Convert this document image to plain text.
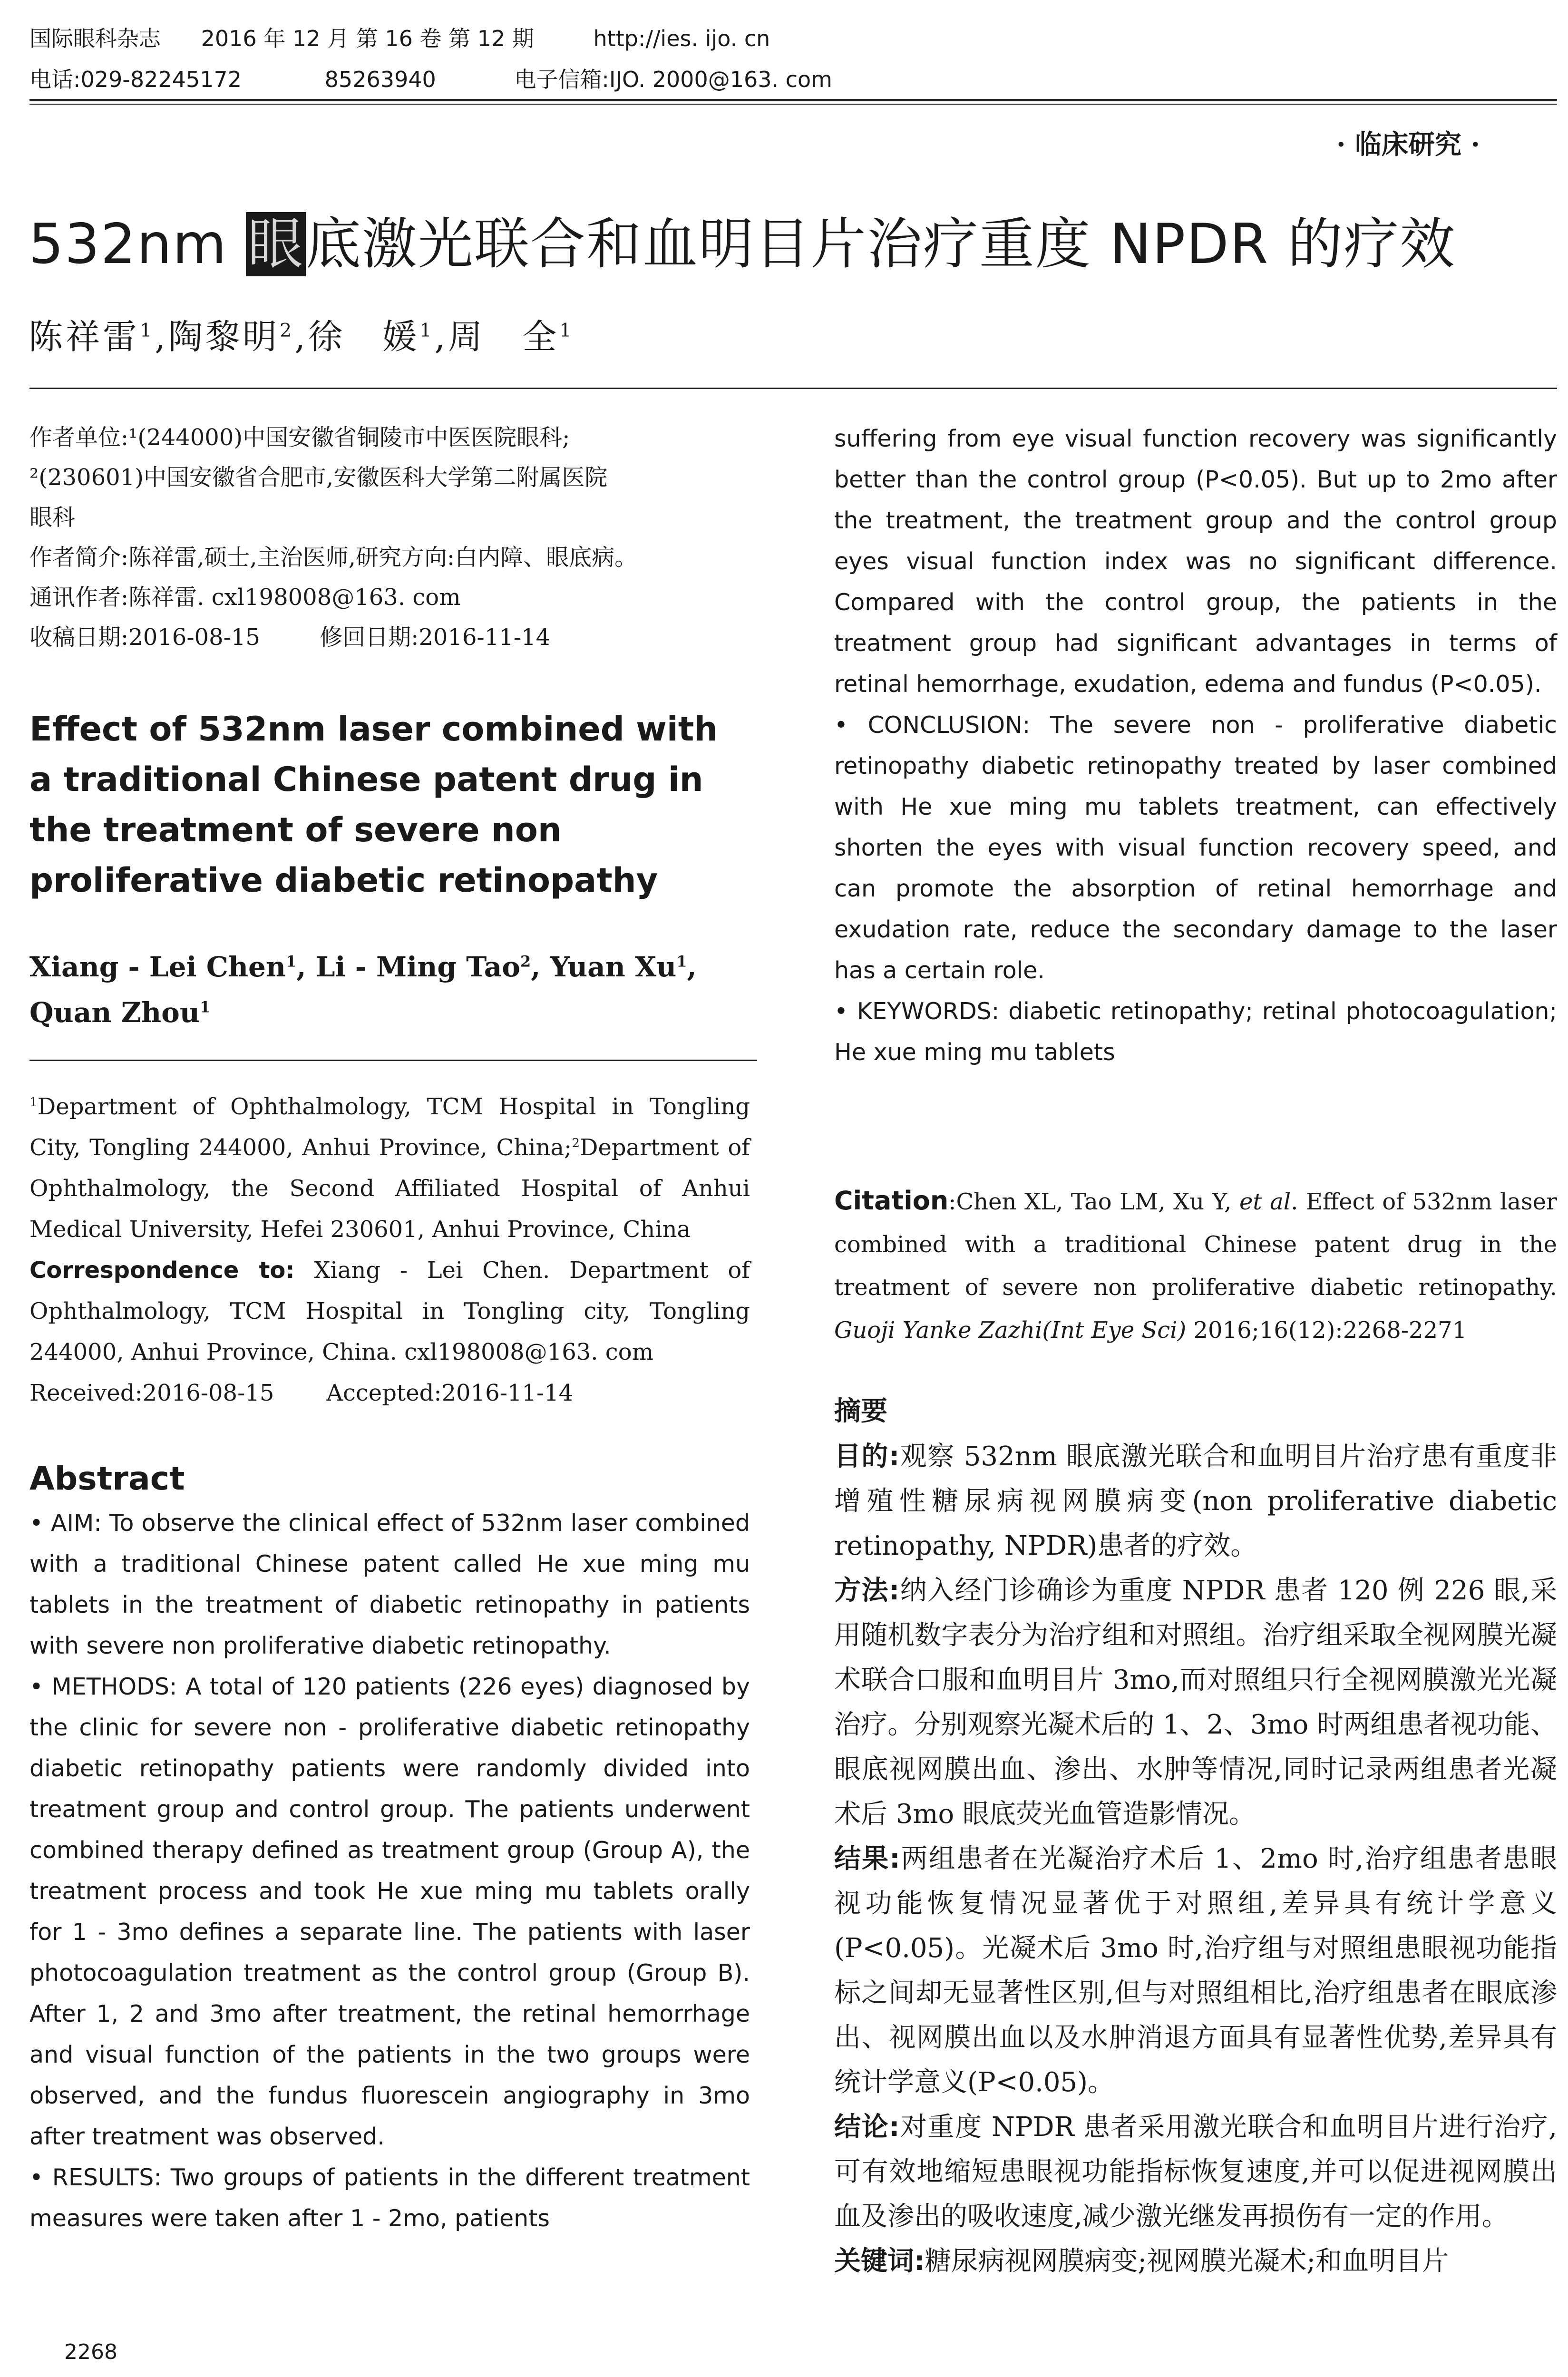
国际眼科杂志 2016 年 12 月 第 16 卷 第 12 期	http://ies. ijo. cn
电话:029-82245172	85263940	电子信箱:IJO. 2000@163. com
· 临床研究 ·
532nm 眼底激光联合和血明目片治疗重度 NPDR 的疗效
陈祥雷$^1$,陶黎明$^2$,徐　媛$^1$,周　全$^1$

作者单位:¹(244000)中国安徽省铜陵市中医医院眼科;

²(230601)中国安徽省合肥市,安徽医科大学第二附属医院

眼科

作者简介:陈祥雷,硕士,主治医师,研究方向:白内障、眼底病。

通讯作者:陈祥雷. cxl198008@163. com

收稿日期:2016-08-15	修回日期:2016-11-14

Effect of 532nm laser combined with a traditional Chinese patent drug in the treatment of severe non proliferative diabetic retinopathy
Xiang - Lei Chen$^1$, Li - Ming Tao$^2$, Yuan Xu$^1$, Quan Zhou$^1$

$^1$Department of Ophthalmology, TCM Hospital in Tongling City, Tongling 244000, Anhui Province, China;$^2$Department of Ophthalmology, the Second Affiliated Hospital of Anhui Medical University, Hefei 230601, Anhui Province, China

Correspondence to: Xiang - Lei Chen. Department of Ophthalmology, TCM Hospital in Tongling city, Tongling 244000, Anhui Province, China. cxl198008@163. com

Received:2016-08-15 Accepted:2016-11-14

Abstract

• AIM: To observe the clinical effect of 532nm laser combined with a traditional Chinese patent called He xue ming mu tablets in the treatment of diabetic retinopathy in patients with severe non proliferative diabetic retinopathy.

• METHODS: A total of 120 patients (226 eyes) diagnosed by the clinic for severe non - proliferative diabetic retinopathy diabetic retinopathy patients were randomly divided into treatment group and control group. The patients underwent combined therapy defined as treatment group (Group A), the treatment process and took He xue ming mu tablets orally for 1 - 3mo defines a separate line. The patients with laser photocoagulation treatment as the control group (Group B). After 1, 2 and 3mo after treatment, the retinal hemorrhage and visual function of the patients in the two groups were observed, and the fundus fluorescein angiography in 3mo after treatment was observed.

• RESULTS: Two groups of patients in the different treatment measures were taken after 1 - 2mo, patients

suffering from eye visual function recovery was significantly better than the control group (P<0.05). But up to 2mo after the treatment, the treatment group and the control group eyes visual function index was no significant difference. Compared with the control group, the patients in the treatment group had significant advantages in terms of retinal hemorrhage, exudation, edema and fundus (P<0.05).

• CONCLUSION: The severe non - proliferative diabetic retinopathy diabetic retinopathy treated by laser combined with He xue ming mu tablets treatment, can effectively shorten the eyes with visual function recovery speed, and can promote the absorption of retinal hemorrhage and exudation rate, reduce the secondary damage to the laser has a certain role.

• KEYWORDS: diabetic retinopathy; retinal photocoagulation; He xue ming mu tablets

Citation:Chen XL, Tao LM, Xu Y, et al. Effect of 532nm laser combined with a traditional Chinese patent drug in the treatment of severe non proliferative diabetic retinopathy. Guoji Yanke Zazhi(Int Eye Sci) 2016;16(12):2268-2271
摘要

目的:观察 532nm 眼底激光联合和血明目片治疗患有重度非增殖性糖尿病视网膜病变(non proliferative diabetic retinopathy, NPDR)患者的疗效。

方法:纳入经门诊确诊为重度 NPDR 患者 120 例 226 眼,采用随机数字表分为治疗组和对照组。治疗组采取全视网膜光凝术联合口服和血明目片 3mo,而对照组只行全视网膜激光光凝治疗。分别观察光凝术后的 1、2、3mo 时两组患者视功能、眼底视网膜出血、渗出、水肿等情况,同时记录两组患者光凝术后 3mo 眼底荧光血管造影情况。

结果:两组患者在光凝治疗术后 1、2mo 时,治疗组患者患眼视功能恢复情况显著优于对照组,差异具有统计学意义(P<0.05)。光凝术后 3mo 时,治疗组与对照组患眼视功能指标之间却无显著性区别,但与对照组相比,治疗组患者在眼底渗出、视网膜出血以及水肿消退方面具有显著性优势,差异具有统计学意义(P<0.05)。

结论:对重度 NPDR 患者采用激光联合和血明目片进行治疗,可有效地缩短患眼视功能指标恢复速度,并可以促进视网膜出血及渗出的吸收速度,减少激光继发再损伤有一定的作用。

关键词:糖尿病视网膜病变;视网膜光凝术;和血明目片

2268
